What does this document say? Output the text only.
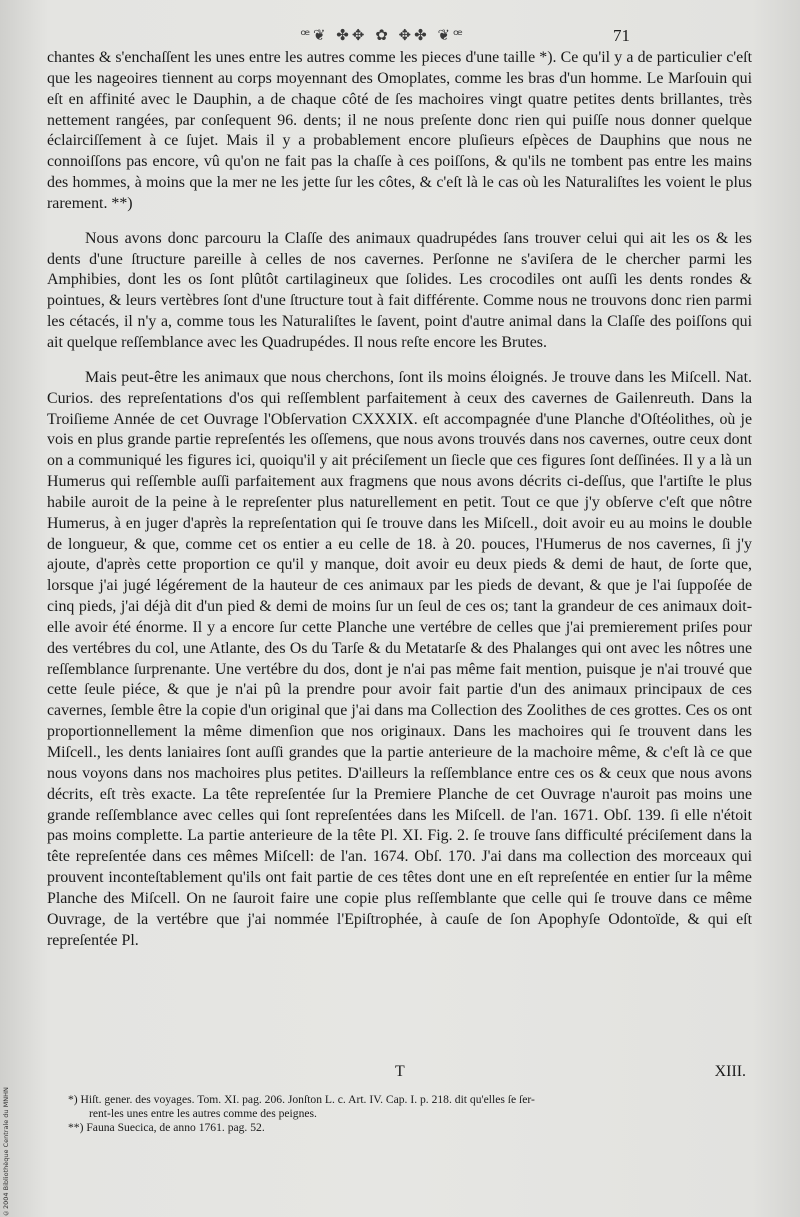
ꟹ❦ ✤✥ ✿ ✥✤ ❦ꟹ	71

chantes & s'enchaſſent les unes entre les autres comme les pieces d'une taille *). Ce qu'il y a de particulier c'eſt que les nageoires tiennent au corps moyennant des Omoplates, comme les bras d'un homme. Le Marſouin qui eſt en affinité avec le Dauphin, a de chaque côté de ſes machoires vingt quatre petites dents brillantes, très nettement rangées, par conſequent 96. dents; il ne nous preſente donc rien qui puiſſe nous donner quelque éclairciſſement à ce ſujet. Mais il y a probablement encore pluſieurs eſpèces de Dauphins que nous ne connoiſſons pas encore, vû qu'on ne fait pas la chaſſe à ces poiſſons, & qu'ils ne tombent pas entre les mains des hommes, à moins que la mer ne les jette ſur les côtes, & c'eſt là le cas où les Naturaliſtes les voient le plus rarement. **)

Nous avons donc parcouru la Claſſe des animaux quadrupédes ſans trouver celui qui ait les os & les dents d'une ſtructure pareille à celles de nos cavernes. Perſonne ne s'aviſera de le chercher parmi les Amphibies, dont les os ſont plûtôt cartilagineux que ſolides. Les crocodiles ont auſſi les dents rondes & pointues, & leurs vertèbres ſont d'une ſtructure tout à fait différente. Comme nous ne trouvons donc rien parmi les cétacés, il n'y a, comme tous les Naturaliſtes le ſavent, point d'autre animal dans la Claſſe des poiſſons qui ait quelque reſſemblance avec les Quadrupédes. Il nous reſte encore les Brutes.

Mais peut-être les animaux que nous cherchons, ſont ils moins éloignés. Je trouve dans les Miſcell. Nat. Curios. des repreſentations d'os qui reſſemblent parfaitement à ceux des cavernes de Gailenreuth. Dans la Troiſieme Année de cet Ouvrage l'Obſervation CXXXIX. eſt accompagnée d'une Planche d'Oſtéolithes, où je vois en plus grande partie repreſentés les oſſemens, que nous avons trouvés dans nos cavernes, outre ceux dont on a communiqué les figures ici, quoiqu'il y ait préciſement un ſiecle que ces figures ſont deſſinées. Il y a là un Humerus qui reſſemble auſſi parfaitement aux fragmens que nous avons décrits ci-deſſus, que l'artiſte le plus habile auroit de la peine à le repreſenter plus naturellement en petit. Tout ce que j'y obſerve c'eſt que nôtre Humerus, à en juger d'après la repreſentation qui ſe trouve dans les Miſcell., doit avoir eu au moins le double de longueur, & que, comme cet os entier a eu celle de 18. à 20. pouces, l'Humerus de nos cavernes, ſi j'y ajoute, d'après cette proportion ce qu'il y manque, doit avoir eu deux pieds & demi de haut, de ſorte que, lorsque j'ai jugé légérement de la hauteur de ces animaux par les pieds de devant, & que je l'ai ſuppoſée de cinq pieds, j'ai déjà dit d'un pied & demi de moins ſur un ſeul de ces os; tant la grandeur de ces animaux doit-elle avoir été énorme. Il y a encore ſur cette Planche une vertébre de celles que j'ai premierement priſes pour des vertébres du col, une Atlante, des Os du Tarſe & du Metatarſe & des Phalanges qui ont avec les nôtres une reſſemblance ſurprenante. Une vertébre du dos, dont je n'ai pas même fait mention, puisque je n'ai trouvé que cette ſeule piéce, & que je n'ai pû la prendre pour avoir fait partie d'un des animaux principaux de ces cavernes, ſemble être la copie d'un original que j'ai dans ma Collection des Zoolithes de ces grottes. Ces os ont proportionnellement la même dimenſion que nos originaux. Dans les machoires qui ſe trouvent dans les Miſcell., les dents laniaires ſont auſſi grandes que la partie anterieure de la machoire même, & c'eſt là ce que nous voyons dans nos machoires plus petites. D'ailleurs la reſſemblance entre ces os & ceux que nous avons décrits, eſt très exacte. La tête repreſentée ſur la Premiere Planche de cet Ouvrage n'auroit pas moins une grande reſſemblance avec celles qui ſont repreſentées dans les Miſcell. de l'an. 1671. Obſ. 139. ſi elle n'étoit pas moins complette. La partie anterieure de la tête Pl. XI. Fig. 2. ſe trouve ſans difficulté préciſement dans la tête repreſentée dans ces mêmes Miſcell: de l'an. 1674. Obſ. 170. J'ai dans ma collection des morceaux qui prouvent inconteſtablement qu'ils ont fait partie de ces têtes dont une en eſt repreſentée en entier ſur la même Planche des Miſcell. On ne ſauroit faire une copie plus reſſemblante que celle qui ſe trouve dans ce même Ouvrage, de la vertébre que j'ai nommée l'Epiſtrophée, à cauſe de ſon Apophyſe Odontoïde, & qui eſt repreſentée Pl.

T	XIII.

*) Hiſt. gener. des voyages. Tom. XI. pag. 206. Jonſton L. c. Art. IV. Cap. I. p. 218. dit qu'elles ſe ſer-
rent-les unes entre les autres comme des peignes.

**) Fauna Suecica, de anno 1761. pag. 52.

©2004 Bibliothèque Centrale du MNHN
